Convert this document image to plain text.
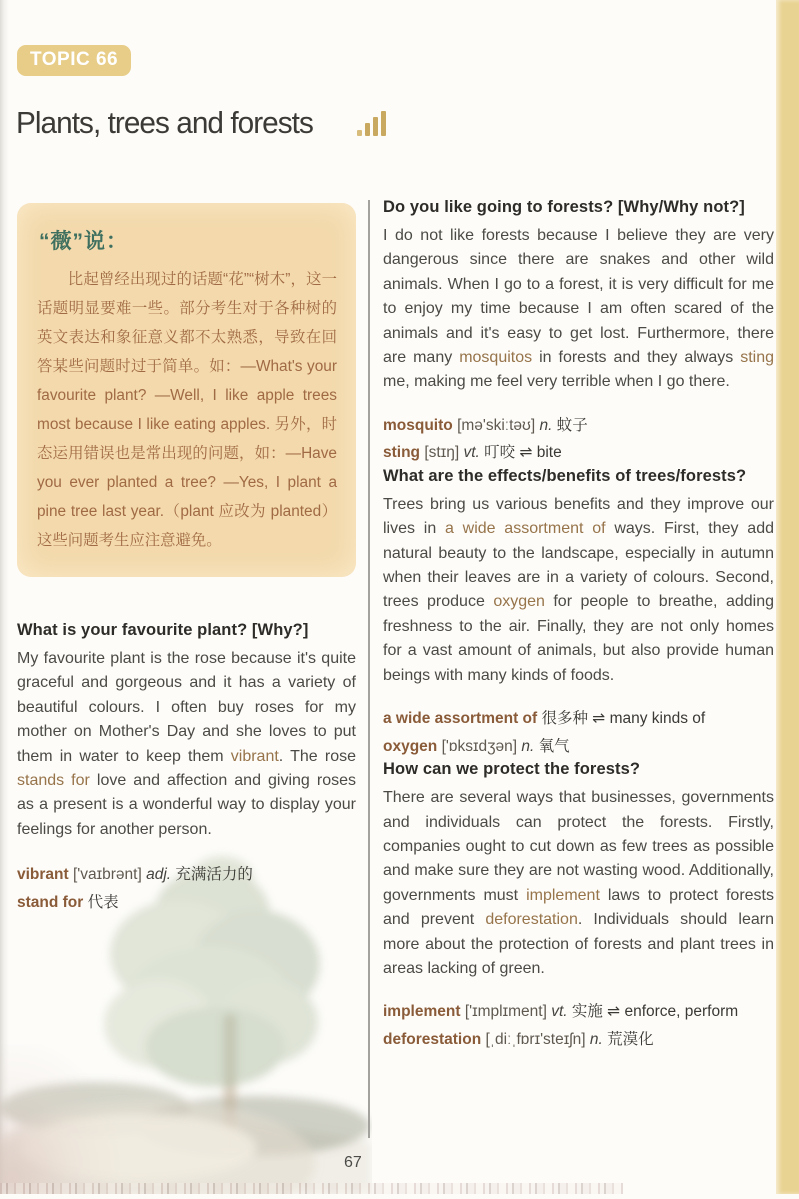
TOPIC 66
Plants, trees and forests
“薇”说：

比起曾经出现过的话题“花”“树木”，这一话题明显要难一些。部分考生对于各种树的英文表达和象征意义都不太熟悉，导致在回答某些问题时过于简单。如：—What's your favourite plant? —Well, I like apple trees most because I like eating apples. 另外，时态运用错误也是常出现的问题，如：—Have you ever planted a tree? —Yes, I plant a pine tree last year.（plant 应改为 planted）这些问题考生应注意避免。

What is your favourite plant? [Why?]

My favourite plant is the rose because it's quite graceful and gorgeous and it has a variety of beautiful colours. I often buy roses for my mother on Mother's Day and she loves to put them in water to keep them vibrant. The rose stands for love and affection and giving roses as a present is a wonderful way to display your feelings for another person.

vibrant ['vaɪbrənt] adj. 充满活力的

stand for 代表

Do you like going to forests? [Why/Why not?]

I do not like forests because I believe they are very dangerous since there are snakes and other wild animals. When I go to a forest, it is very difficult for me to enjoy my time because I am often scared of the animals and it's easy to get lost. Furthermore, there are many mosquitos in forests and they always sting me, making me feel very terrible when I go there.

mosquito [mə'skiːtəʊ] n. 蚊子

sting [stɪŋ] vt. 叮咬 ⇌ bite

What are the effects/benefits of trees/forests?

Trees bring us various benefits and they improve our lives in a wide assortment of ways. First, they add natural beauty to the landscape, especially in autumn when their leaves are in a variety of colours. Second, trees produce oxygen for people to breathe, adding freshness to the air. Finally, they are not only homes for a vast amount of animals, but also provide human beings with many kinds of foods.

a wide assortment of 很多种 ⇌ many kinds of

oxygen ['ɒksɪdʒən] n. 氧气

How can we protect the forests?

There are several ways that businesses, governments and individuals can protect the forests. Firstly, companies ought to cut down as few trees as possible and make sure they are not wasting wood. Additionally, governments must implement laws to protect forests and prevent deforestation. Individuals should learn more about the protection of forests and plant trees in areas lacking of green.

implement ['ɪmplɪment] vt. 实施 ⇌ enforce, perform

deforestation [ˌdiːˌfɒrɪ'steɪʃn] n. 荒漠化

67
